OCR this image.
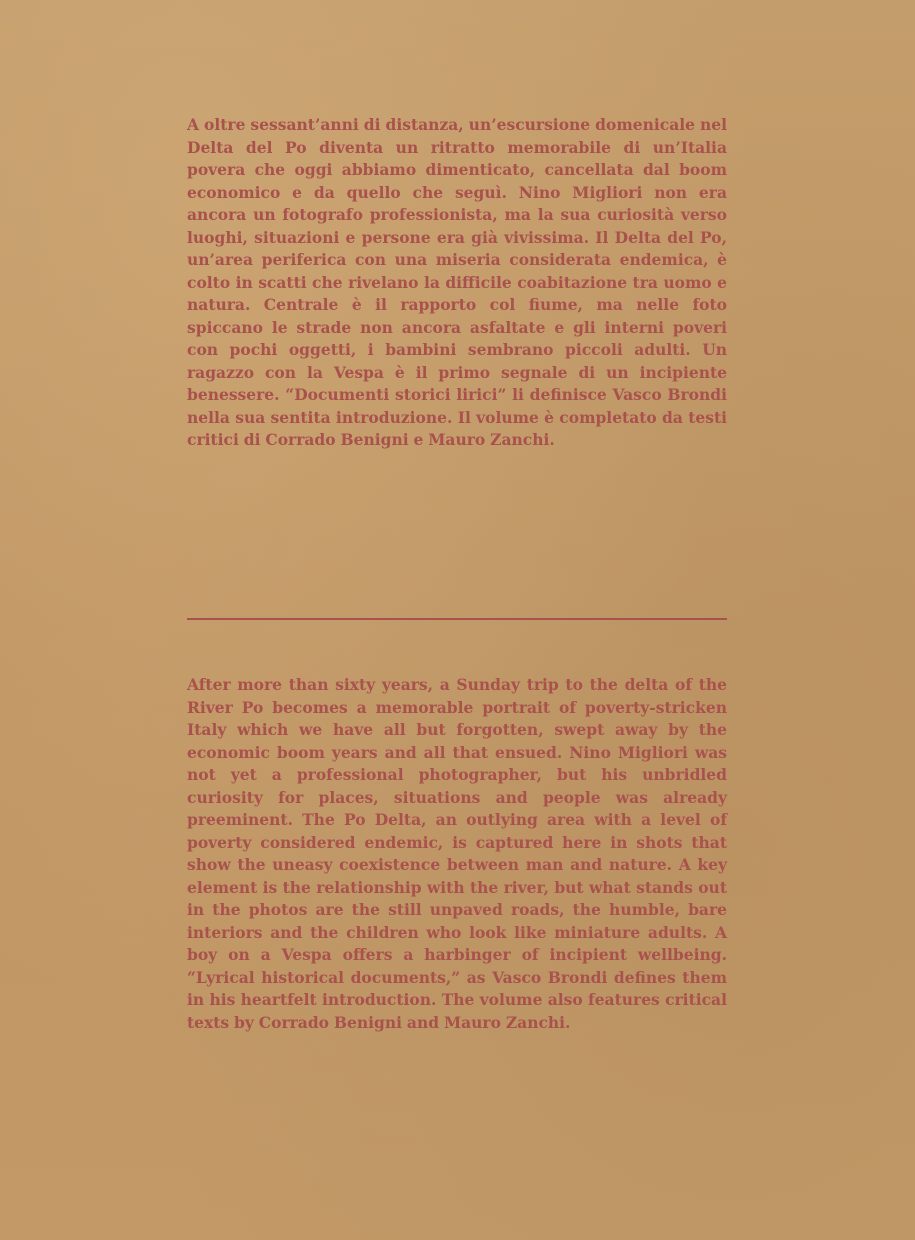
A oltre sessant’anni di distanza, un’escursione domenicale nel Delta del Po diventa un ritratto memorabile di un’Italia povera che oggi abbiamo dimenticato, cancellata dal boom economico e da quello che seguì. Nino Migliori non era ancora un fotografo professionista, ma la sua curiosità verso luoghi, situazioni e persone era già vivissima. Il Delta del Po, un’area periferica con una miseria considerata endemica, è colto in scatti che rivelano la difficile coabitazione tra uomo e natura. Centrale è il rapporto col fiume, ma nelle foto spiccano le strade non ancora asfaltate e gli interni poveri con pochi oggetti, i bambini sembrano piccoli adulti. Un ragazzo con la Vespa è il primo segnale di un incipiente benessere. “Documenti storici lirici” li definisce Vasco Brondi nella sua sentita introduzione. Il volume è completato da testi critici di Corrado Benigni e Mauro Zanchi.

After more than sixty years, a Sunday trip to the delta of the River Po becomes a memorable portrait of poverty-stricken Italy which we have all but forgotten, swept away by the economic boom years and all that ensued. Nino Migliori was not yet a professional photographer, but his unbridled curiosity for places, situations and people was already preeminent. The Po Delta, an outlying area with a level of poverty considered endemic, is captured here in shots that show the uneasy coexistence between man and nature. A key element is the relationship with the river, but what stands out in the photos are the still unpaved roads, the humble, bare interiors and the children who look like miniature adults. A boy on a Vespa offers a harbinger of incipient wellbeing. “Lyrical historical documents,” as Vasco Brondi defines them in his heartfelt introduction. The volume also features critical texts by Corrado Benigni and Mauro Zanchi.
